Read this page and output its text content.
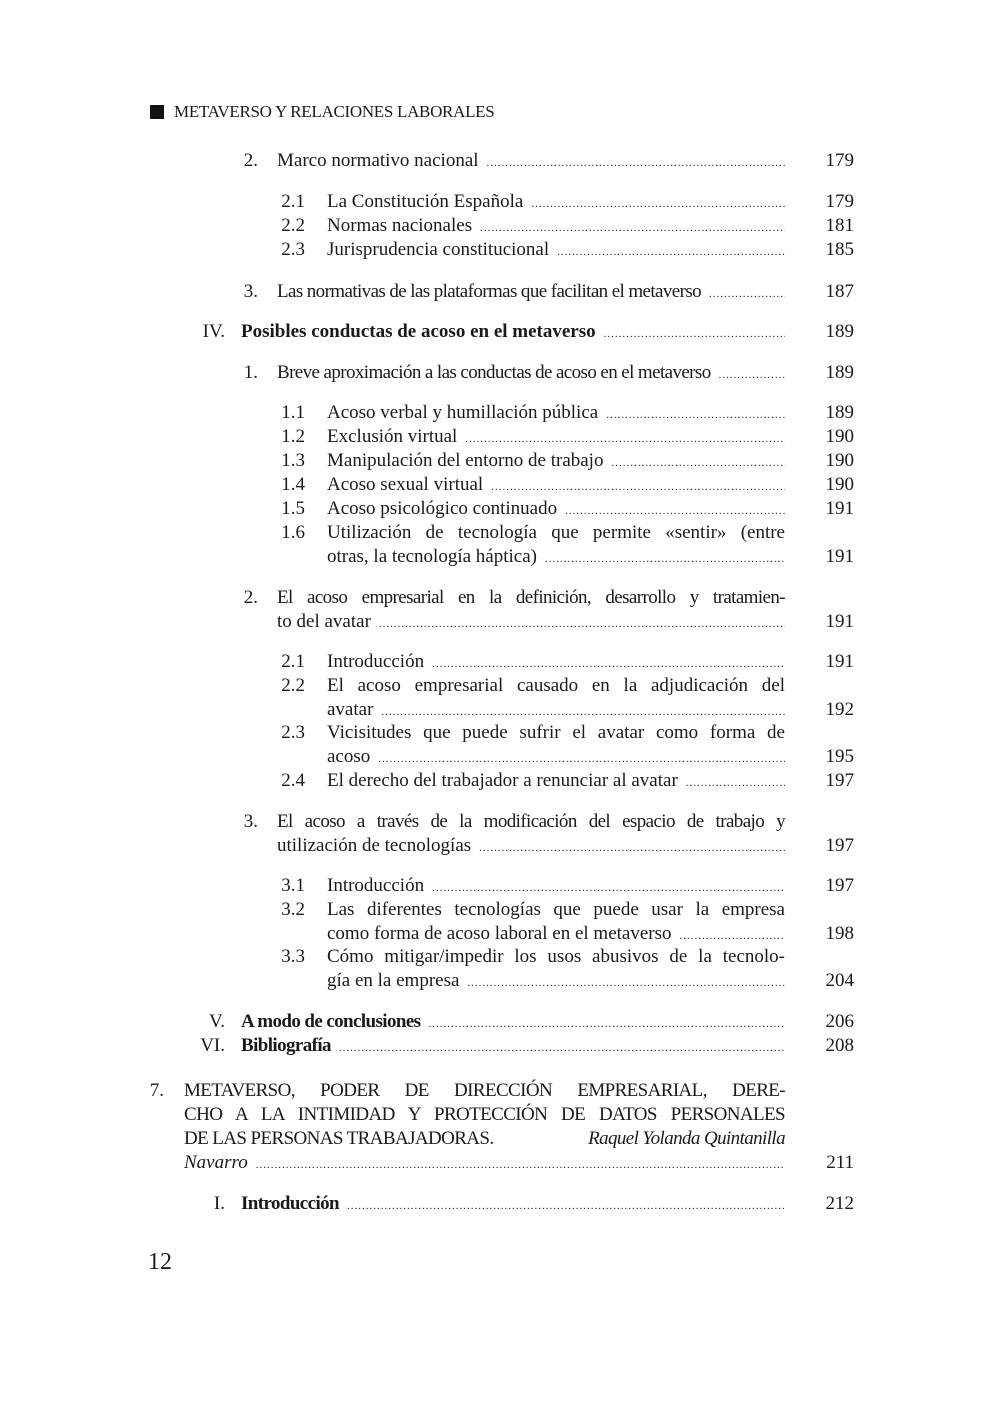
METAVERSO Y RELACIONES LABORALES
2. Marco normativo nacional .....	179
2.1 La Constitución Española .....	179
2.2 Normas nacionales .....	181
2.3 Jurisprudencia constitucional .....	185
3. Las normativas de las plataformas que facilitan el metaverso .....	187
IV. Posibles conductas de acoso en el metaverso .....	189
1. Breve aproximación a las conductas de acoso en el metaverso .....	189
1.1 Acoso verbal y humillación pública .....	189
1.2 Exclusión virtual .....	190
1.3 Manipulación del entorno de trabajo .....	190
1.4 Acoso sexual virtual .....	190
1.5 Acoso psicológico continuado .....	191
1.6 Utilización de tecnología que permite «sentir» (entre
otras, la tecnología háptica) .....	191
2. El acoso empresarial en la definición, desarrollo y tratamien-
to del avatar .....	191
2.1 Introducción .....	191
2.2 El acoso empresarial causado en la adjudicación del
avatar .....	192
2.3 Vicisitudes que puede sufrir el avatar como forma de
acoso .....	195
2.4 El derecho del trabajador a renunciar al avatar .....	197
3. El acoso a través de la modificación del espacio de trabajo y
utilización de tecnologías .....	197
3.1 Introducción .....	197
3.2 Las diferentes tecnologías que puede usar la empresa
como forma de acoso laboral en el metaverso .....	198
3.3 Cómo mitigar/impedir los usos abusivos de la tecnolo-
gía en la empresa .....	204
V. A modo de conclusiones .....	206
VI. Bibliografía .....	208
7. METAVERSO, PODER DE DIRECCIÓN EMPRESARIAL, DERE-
CHO A LA INTIMIDAD Y PROTECCIÓN DE DATOS PERSONALES
DE LAS PERSONAS TRABAJADORAS.	Raquel Yolanda Quintanilla
Navarro .....	211
I. Introducción .....	212
12
